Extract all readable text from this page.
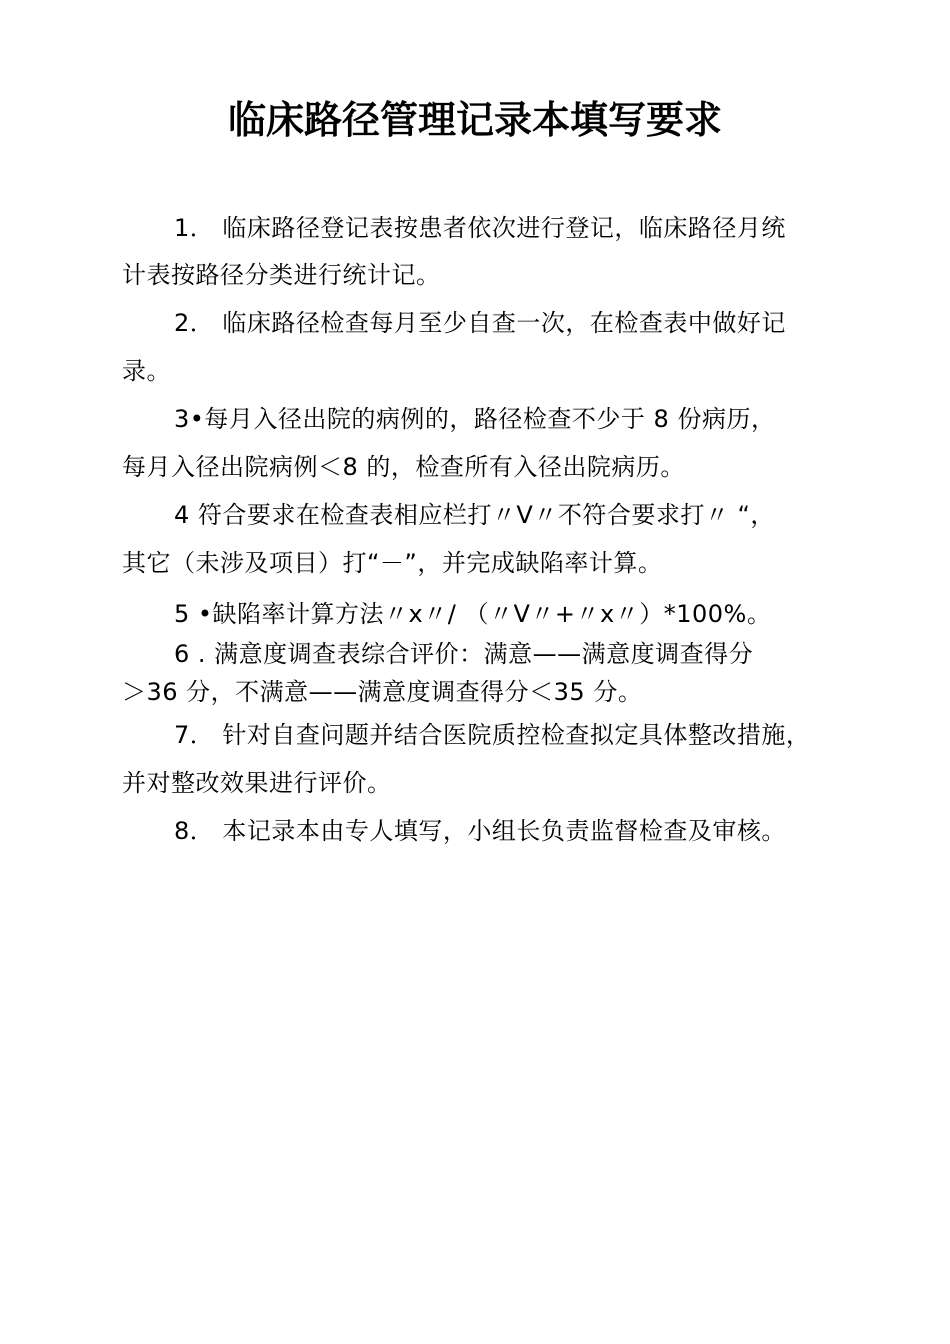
临床路径管理记录本填写要求
1． 临床路径登记表按患者依次进行登记，临床路径月统
计表按路径分类进行统计记。
2． 临床路径检查每月至少自查一次，在检查表中做好记
录。
3•每月入径出院的病例的，路径检查不少于 8 份病历，
每月入径出院病例＜8 的，检查所有入径出院病历。
4 符合要求在检查表相应栏打〃V〃不符合要求打〃 “，
其它（未涉及项目）打“－”，并完成缺陷率计算。
5 •缺陷率计算方法〃x〃/ （〃V〃+〃x〃）*100%。
6 . 满意度调查表综合评价：满意——满意度调查得分
＞36 分，不满意——满意度调查得分＜35 分。
7． 针对自查问题并结合医院质控检查拟定具体整改措施，
并对整改效果进行评价。
8． 本记录本由专人填写，小组长负责监督检查及审核。
